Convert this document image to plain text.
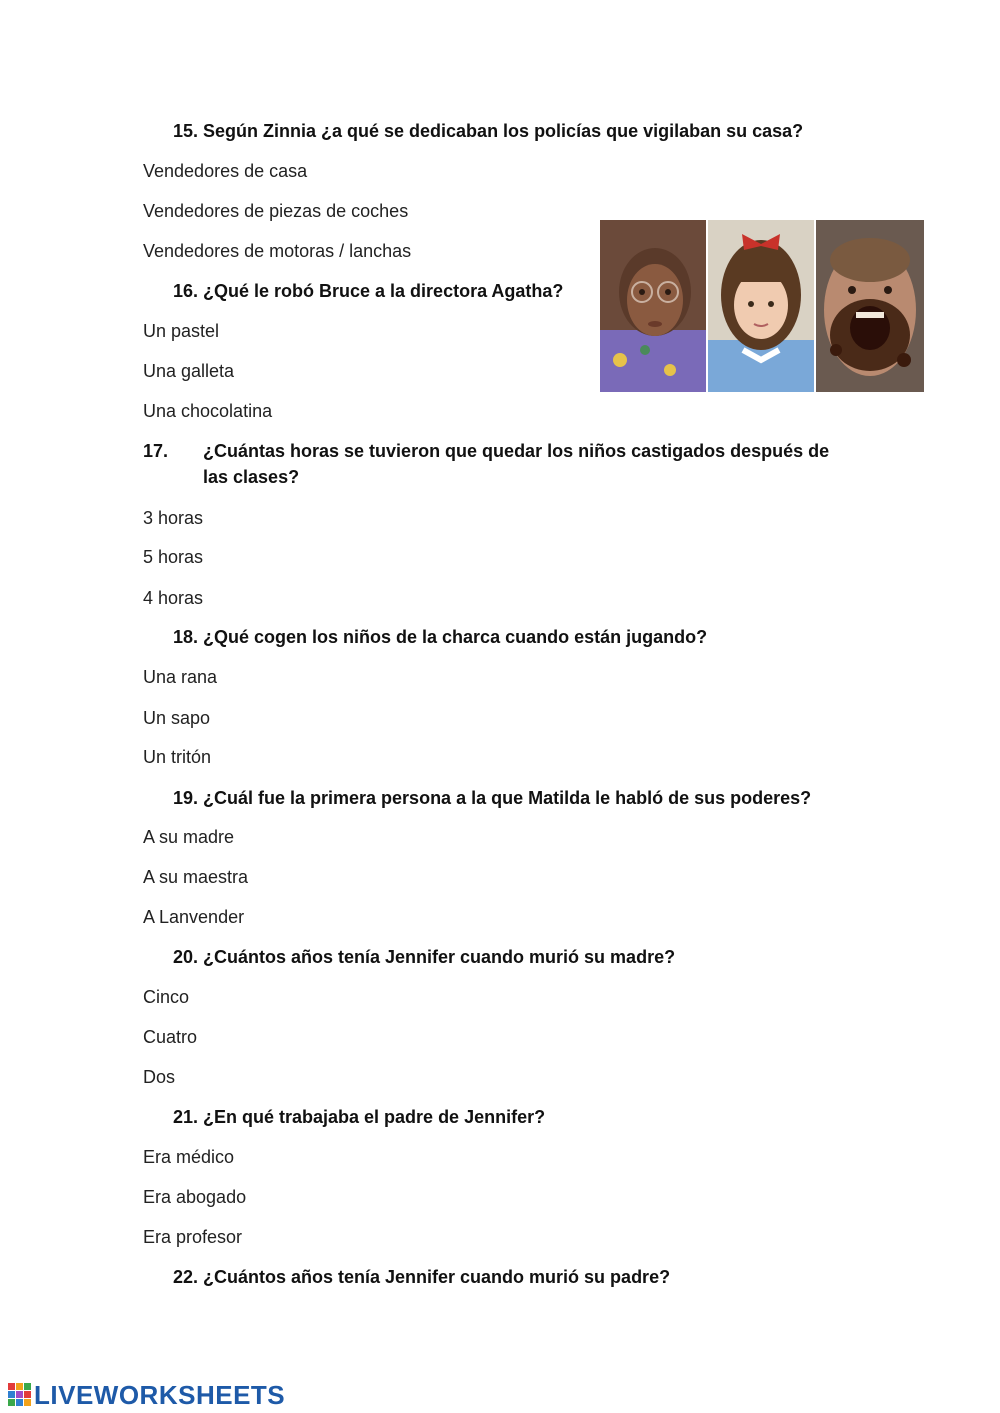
15. Según Zinnia ¿a qué se dedicaban los policías que vigilaban su casa?

Vendedores de casa

Vendedores de piezas de coches

Vendedores de motoras / lanchas

16. ¿Qué le robó Bruce a la directora Agatha?

Un pastel

Una galleta

Una chocolatina

17. ¿Cuántas horas se tuvieron que quedar los niños castigados después de las clases?

3 horas

5 horas

4 horas

18. ¿Qué cogen los niños de la charca cuando están jugando?

Una rana

Un sapo

Un tritón

19. ¿Cuál fue la primera persona a la que Matilda le habló de sus poderes?

A su madre

A su maestra

A Lanvender

20. ¿Cuántos años tenía Jennifer cuando murió su madre?

Cinco

Cuatro

Dos

21. ¿En qué trabajaba el padre de Jennifer?

Era médico

Era abogado

Era profesor

22. ¿Cuántos años tenía Jennifer cuando murió su padre?

LIVEWORKSHEETS
